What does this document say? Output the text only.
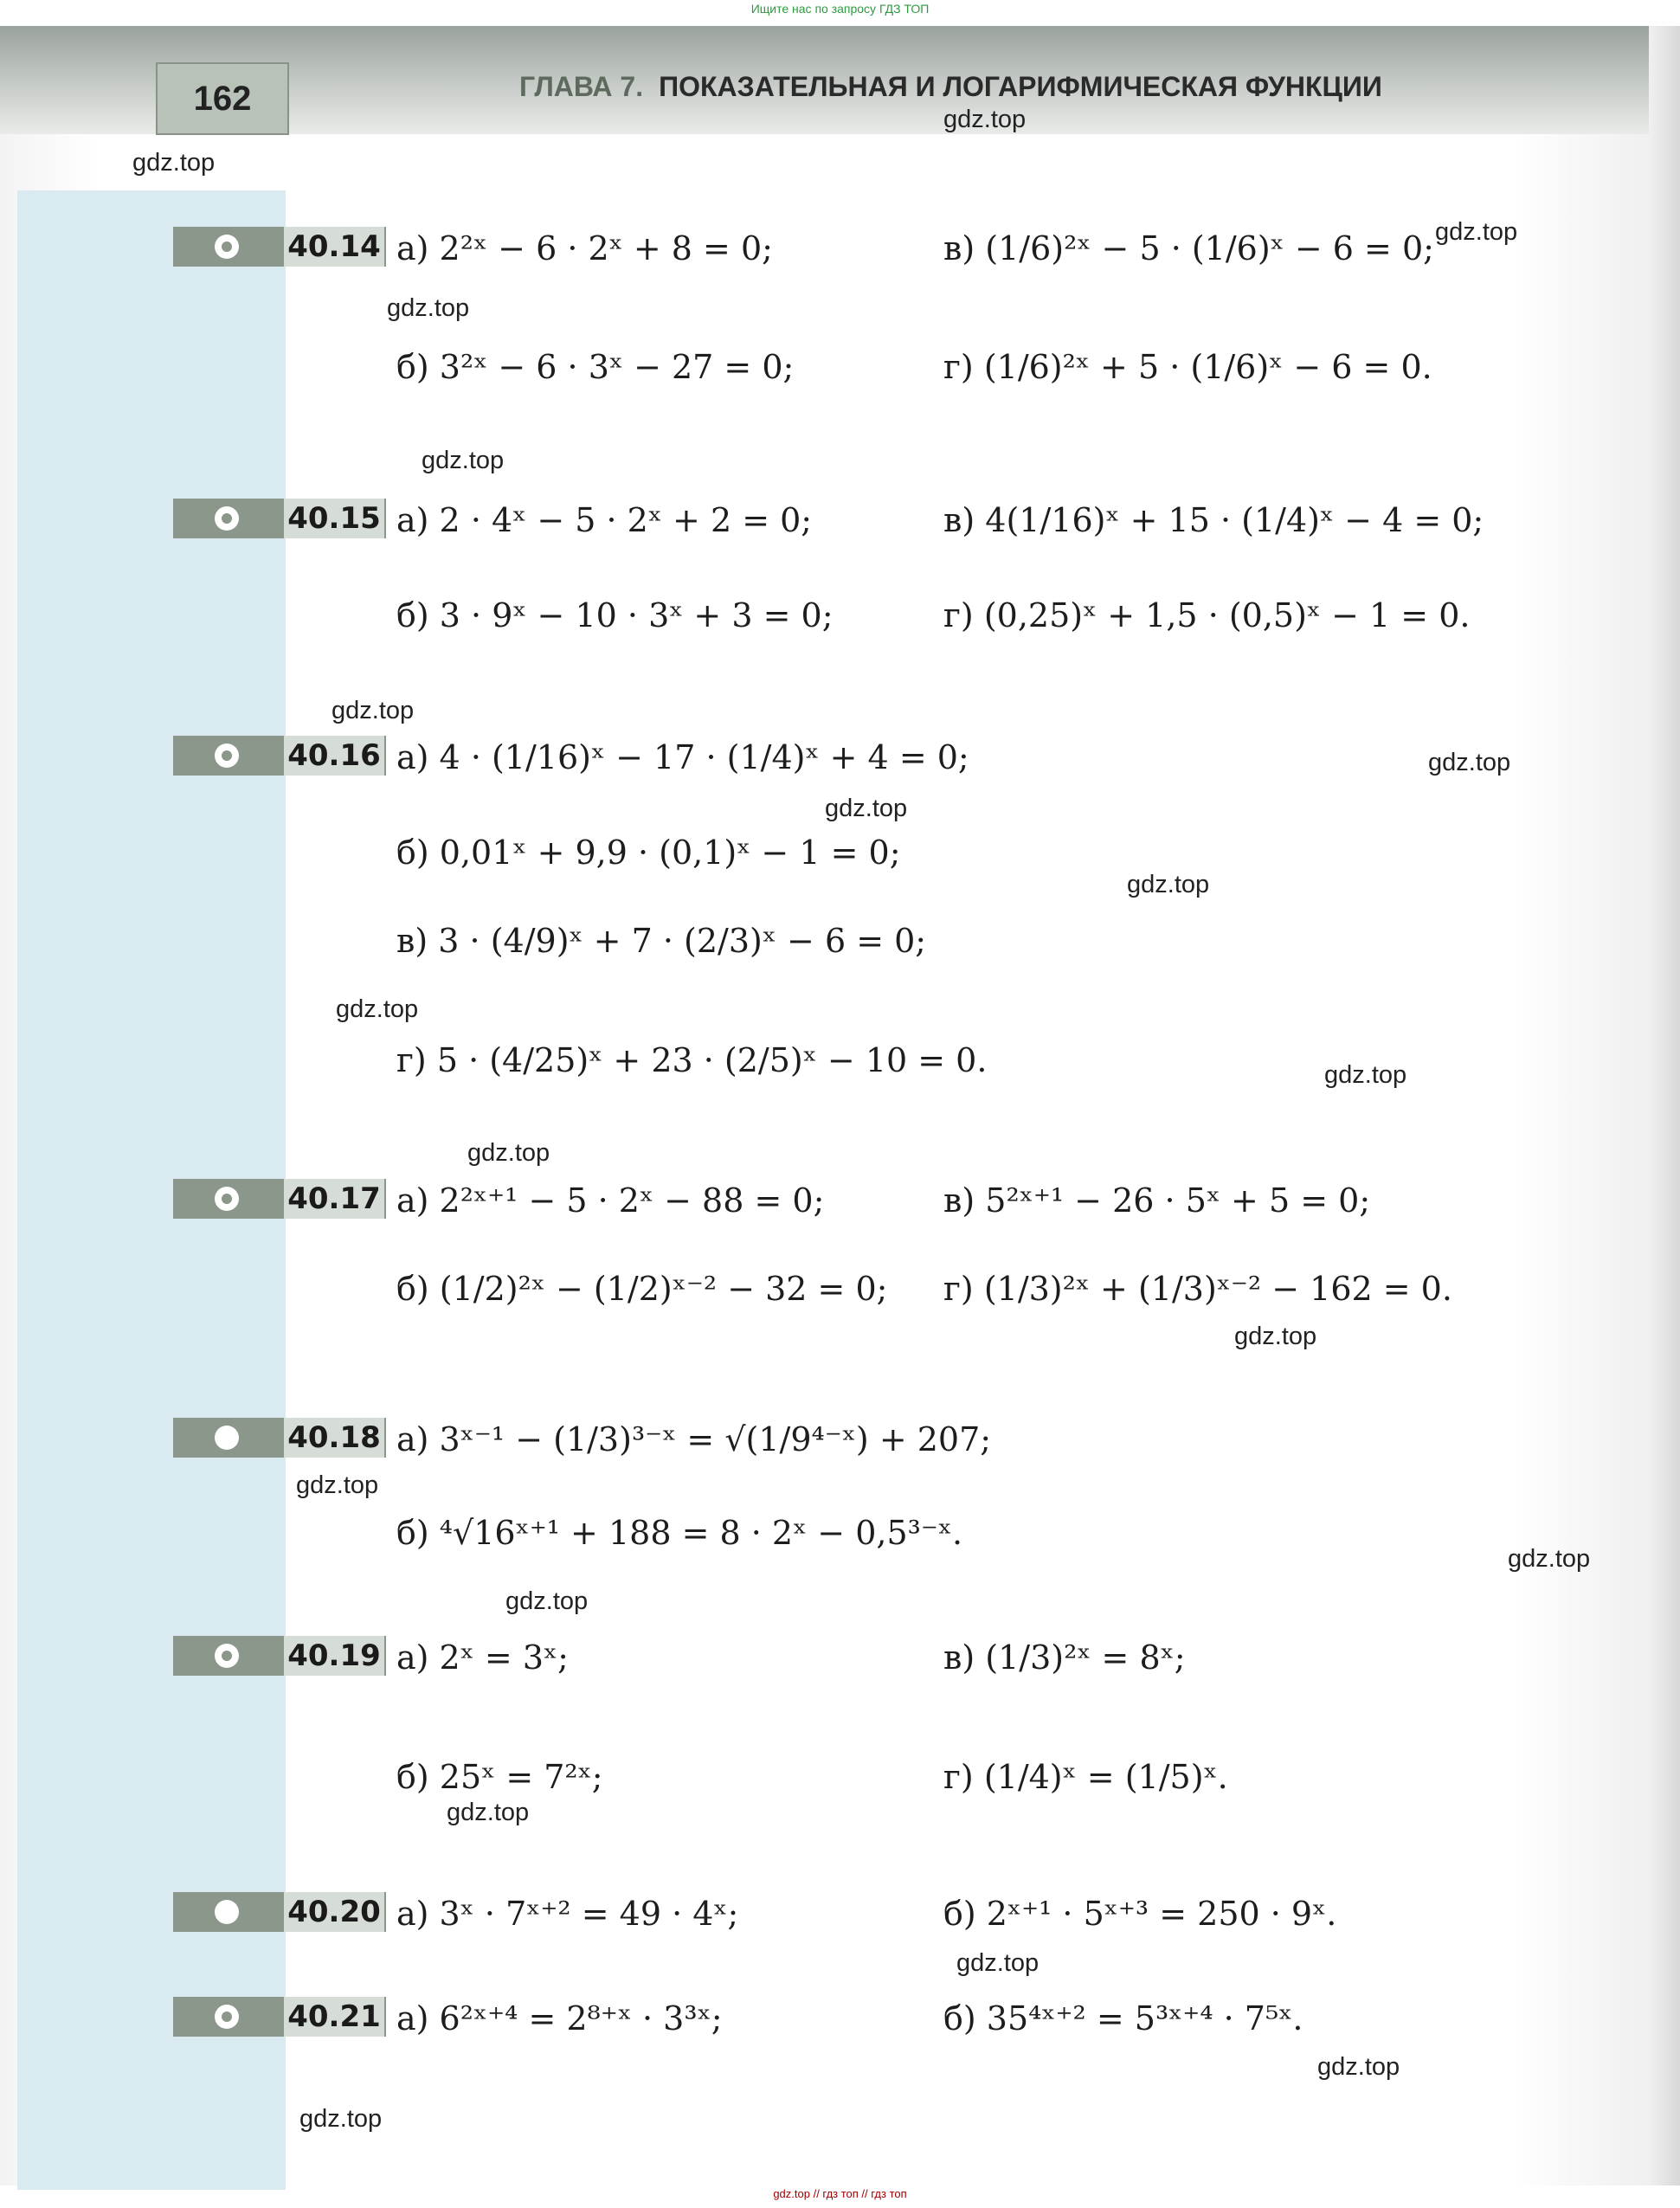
Ищите нас по запросу ГДЗ ТОП
162	ГЛАВА 7. ПОКАЗАТЕЛЬНАЯ И ЛОГАРИФМИЧЕСКАЯ ФУНКЦИИ
gdz.top
gdz.top
gdz.top
gdz.top
gdz.top
gdz.top
gdz.top
gdz.top
gdz.top
gdz.top
gdz.top
gdz.top
gdz.top
gdz.top
gdz.top
gdz.top
gdz.top
gdz.top
gdz.top
gdz.top
40.14
40.15
40.16
40.17
40.18
40.19
40.20
40.21
а) 2²ˣ − 6 · 2ˣ + 8 = 0;
б) 3²ˣ − 6 · 3ˣ − 27 = 0;
в) (1/6)²ˣ − 5 · (1/6)ˣ − 6 = 0;
г) (1/6)²ˣ + 5 · (1/6)ˣ − 6 = 0.
а) 2 · 4ˣ − 5 · 2ˣ + 2 = 0;
б) 3 · 9ˣ − 10 · 3ˣ + 3 = 0;
в) 4(1/16)ˣ + 15 · (1/4)ˣ − 4 = 0;
г) (0,25)ˣ + 1,5 · (0,5)ˣ − 1 = 0.
а) 4 · (1/16)ˣ − 17 · (1/4)ˣ + 4 = 0;
б) 0,01ˣ + 9,9 · (0,1)ˣ − 1 = 0;
в) 3 · (4/9)ˣ + 7 · (2/3)ˣ − 6 = 0;
г) 5 · (4/25)ˣ + 23 · (2/5)ˣ − 10 = 0.
а) 2²ˣ⁺¹ − 5 · 2ˣ − 88 = 0;
б) (1/2)²ˣ − (1/2)ˣ⁻² − 32 = 0;
в) 5²ˣ⁺¹ − 26 · 5ˣ + 5 = 0;
г) (1/3)²ˣ + (1/3)ˣ⁻² − 162 = 0.
а) 3ˣ⁻¹ − (1/3)³⁻ˣ = √(1/9⁴⁻ˣ) + 207;
б) ⁴√16ˣ⁺¹ + 188 = 8 · 2ˣ − 0,5³⁻ˣ.
а) 2ˣ = 3ˣ;
б) 25ˣ = 7²ˣ;
в) (1/3)²ˣ = 8ˣ;
г) (1/4)ˣ = (1/5)ˣ.
а) 3ˣ · 7ˣ⁺² = 49 · 4ˣ;	б) 2ˣ⁺¹ · 5ˣ⁺³ = 250 · 9ˣ.
а) 6²ˣ⁺⁴ = 2⁸⁺ˣ · 3³ˣ;	б) 35⁴ˣ⁺² = 5³ˣ⁺⁴ · 7⁵ˣ.
gdz.top // гдз топ // гдз топ
